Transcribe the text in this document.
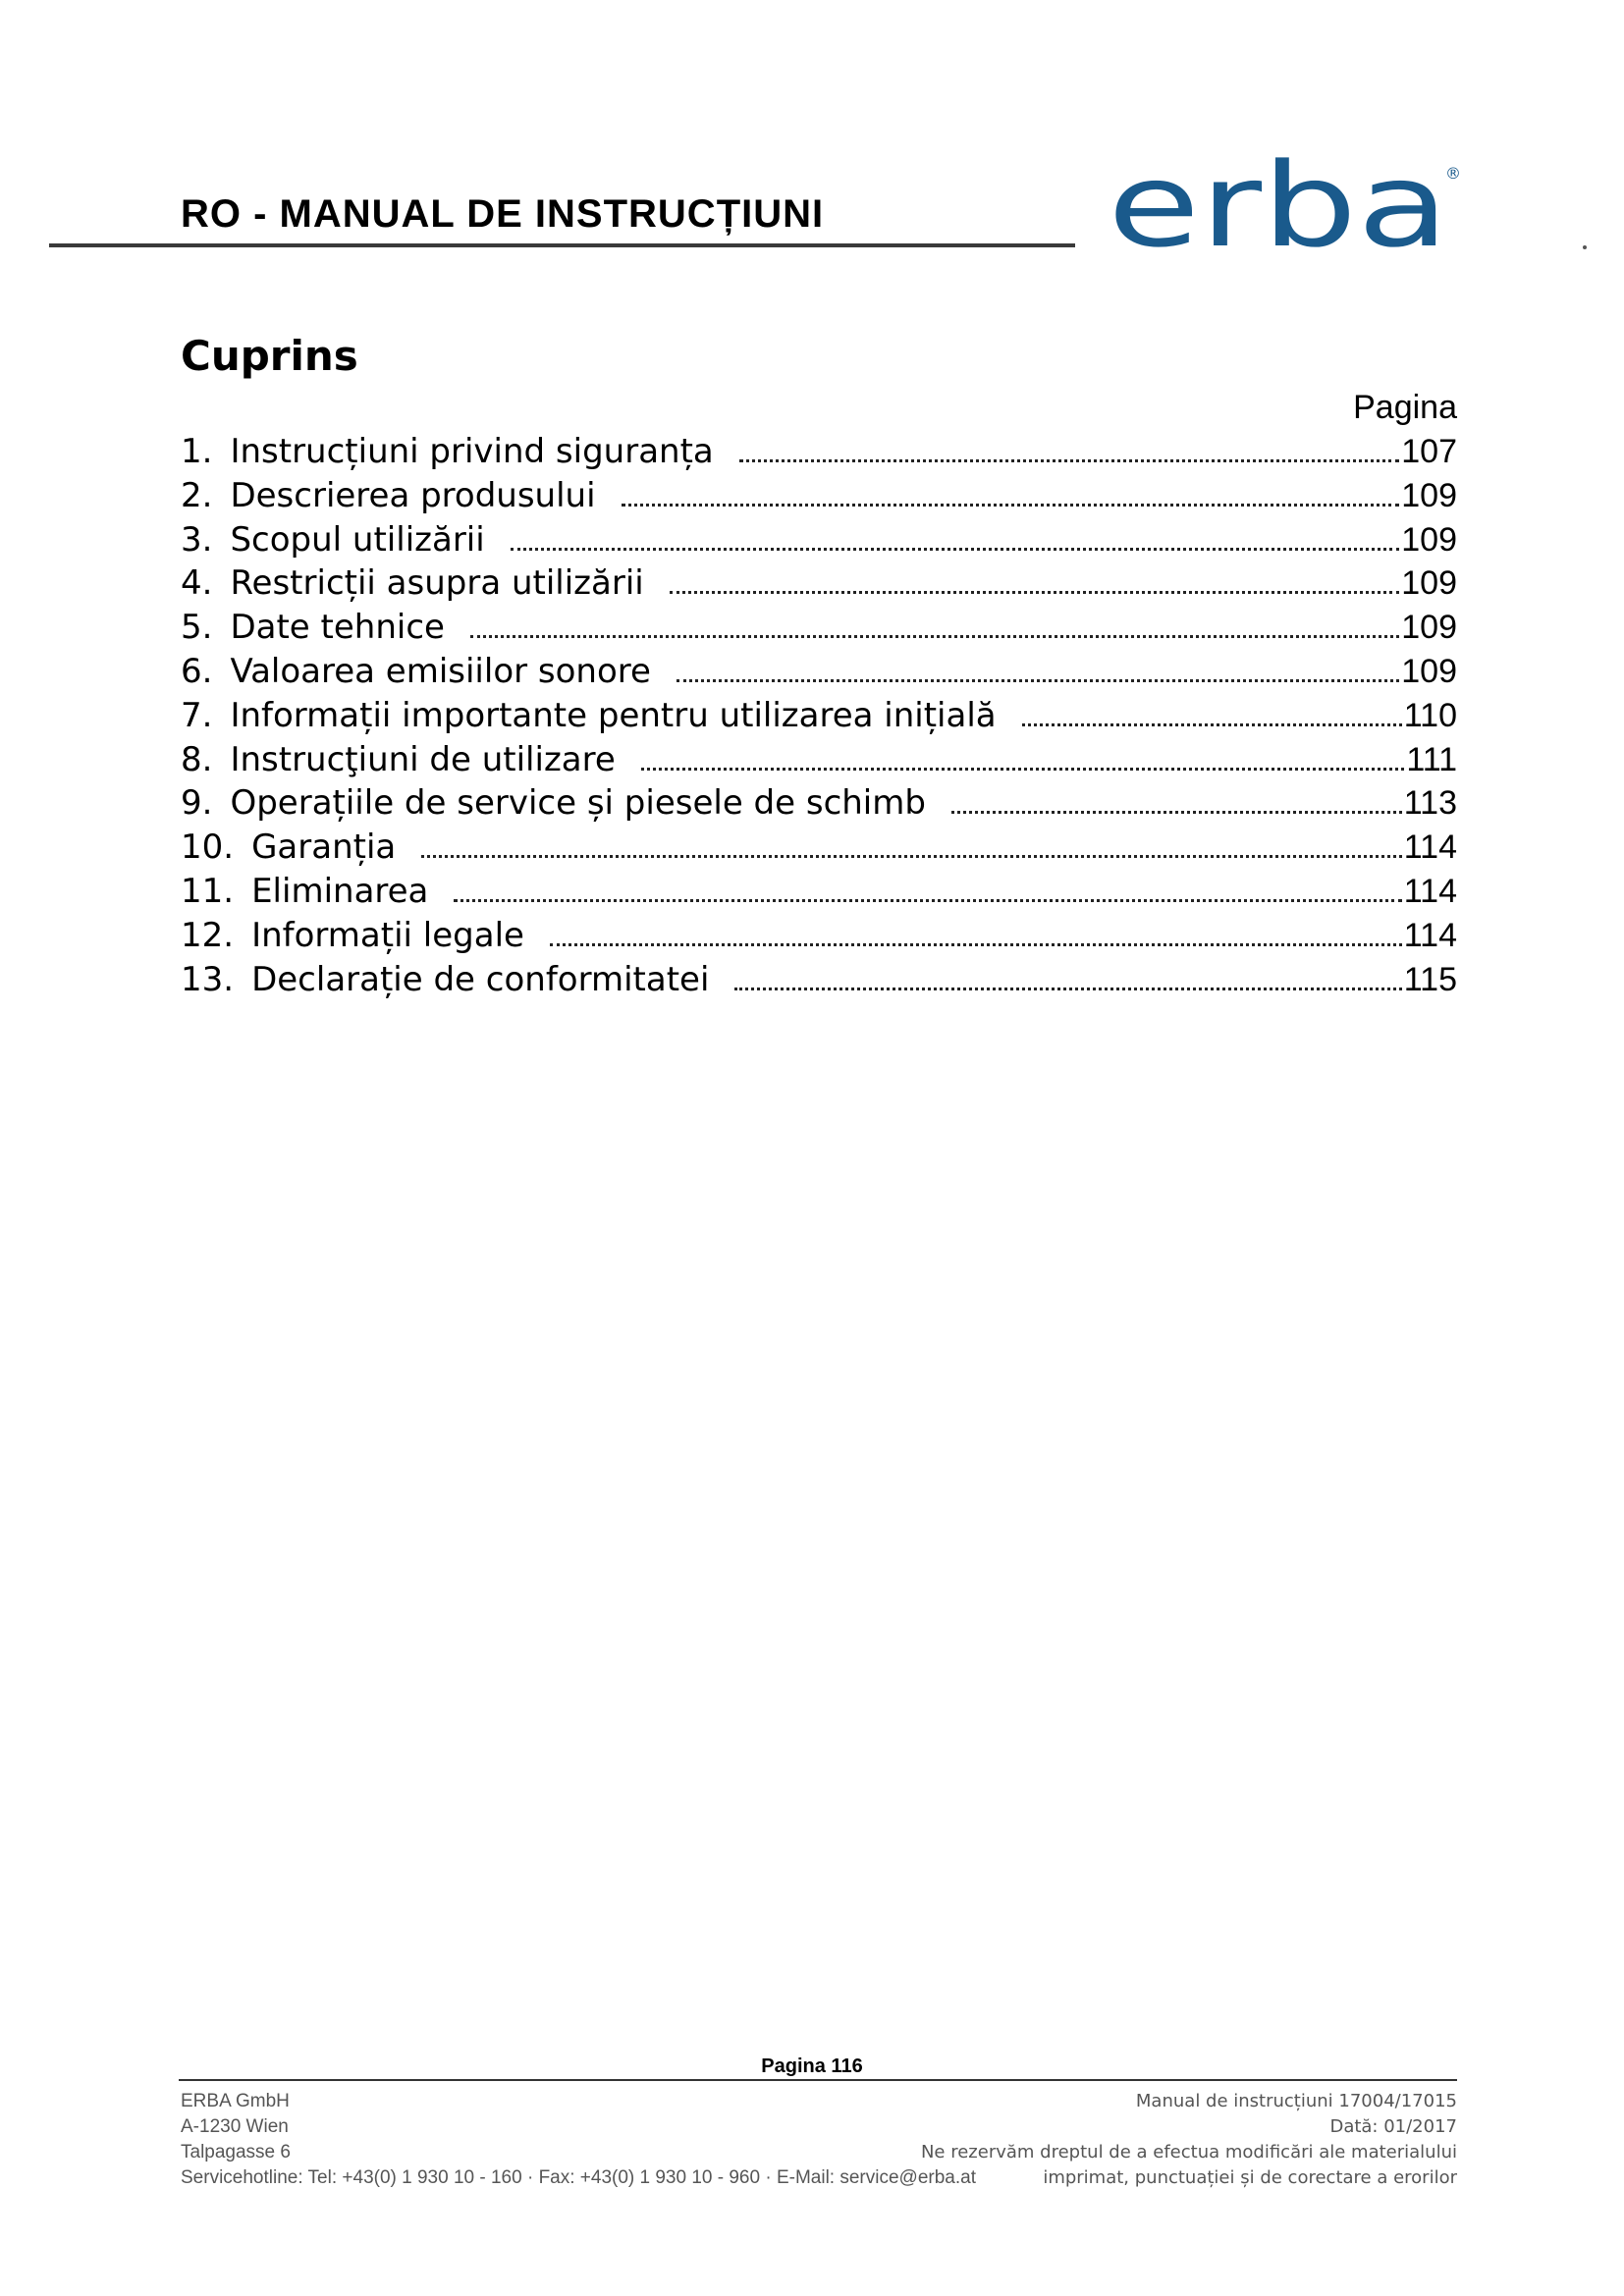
RO - MANUAL DE INSTRUCȚIUNI erba
®
Cuprins
Pagina
1. Instrucțiuni privind siguranța	107
2. Descrierea produsului	109
3. Scopul utilizării	109
4. Restricții asupra utilizării	109
5. Date tehnice	109
6. Valoarea emisiilor sonore	109
7. Informații importante pentru utilizarea inițială	110
8. Instrucţiuni de utilizare	111
9. Operațiile de service și piesele de schimb	113
10. Garanția	114
11. Eliminarea	114
12. Informații legale	114
13. Declarație de conformitatei	115
Pagina 116
ERBA GmbH
A-1230 Wien
Talpagasse 6
Servicehotline: Tel: +43(0) 1 930 10 - 160 · Fax: +43(0) 1 930 10 - 960 · E-Mail: service@erba.at
Manual de instrucțiuni 17004/17015
Dată: 01/2017
Ne rezervăm dreptul de a efectua modificări ale materialului
imprimat, punctuației și de corectare a erorilor
